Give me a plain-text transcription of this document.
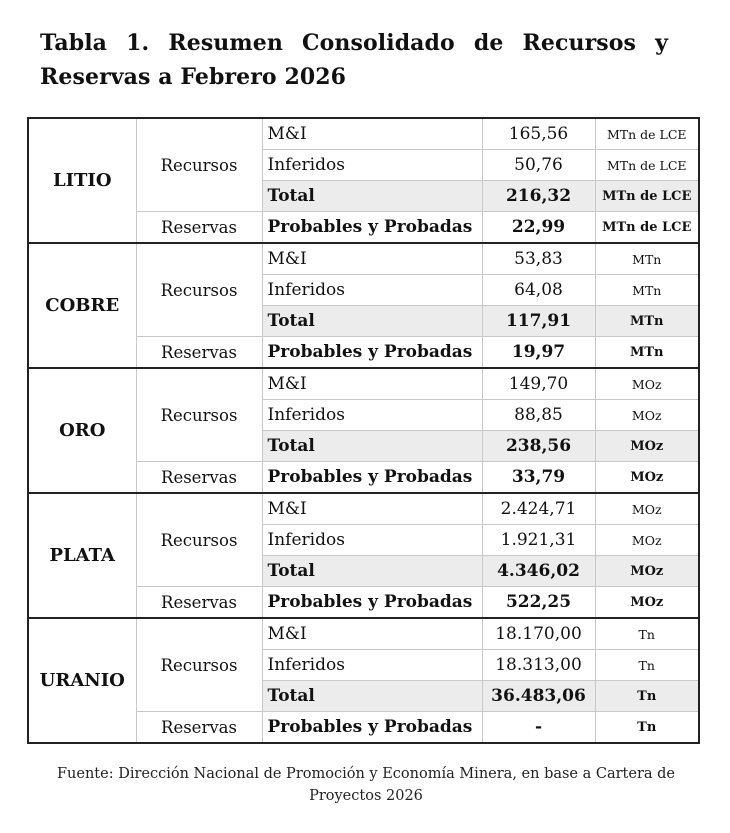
Tabla 1. Resumen Consolidado de Recursos y Reservas a Febrero 2026
LITIO	Recursos	M&I	165,56	MTn de LCE
		Inferidos	50,76	MTn de LCE
		Total	216,32	MTn de LCE
	Reservas	Probables y Probadas	22,99	MTn de LCE
COBRE	Recursos	M&I	53,83	MTn
		Inferidos	64,08	MTn
		Total	117,91	MTn
	Reservas	Probables y Probadas	19,97	MTn
ORO	Recursos	M&I	149,70	MOz
		Inferidos	88,85	MOz
		Total	238,56	MOz
	Reservas	Probables y Probadas	33,79	MOz
PLATA	Recursos	M&I	2.424,71	MOz
		Inferidos	1.921,31	MOz
		Total	4.346,02	MOz
	Reservas	Probables y Probadas	522,25	MOz
URANIO	Recursos	M&I	18.170,00	Tn
		Inferidos	18.313,00	Tn
		Total	36.483,06	Tn
	Reservas	Probables y Probadas	-	Tn
Fuente: Dirección Nacional de Promoción y Economía Minera, en base a Cartera de Proyectos 2026
